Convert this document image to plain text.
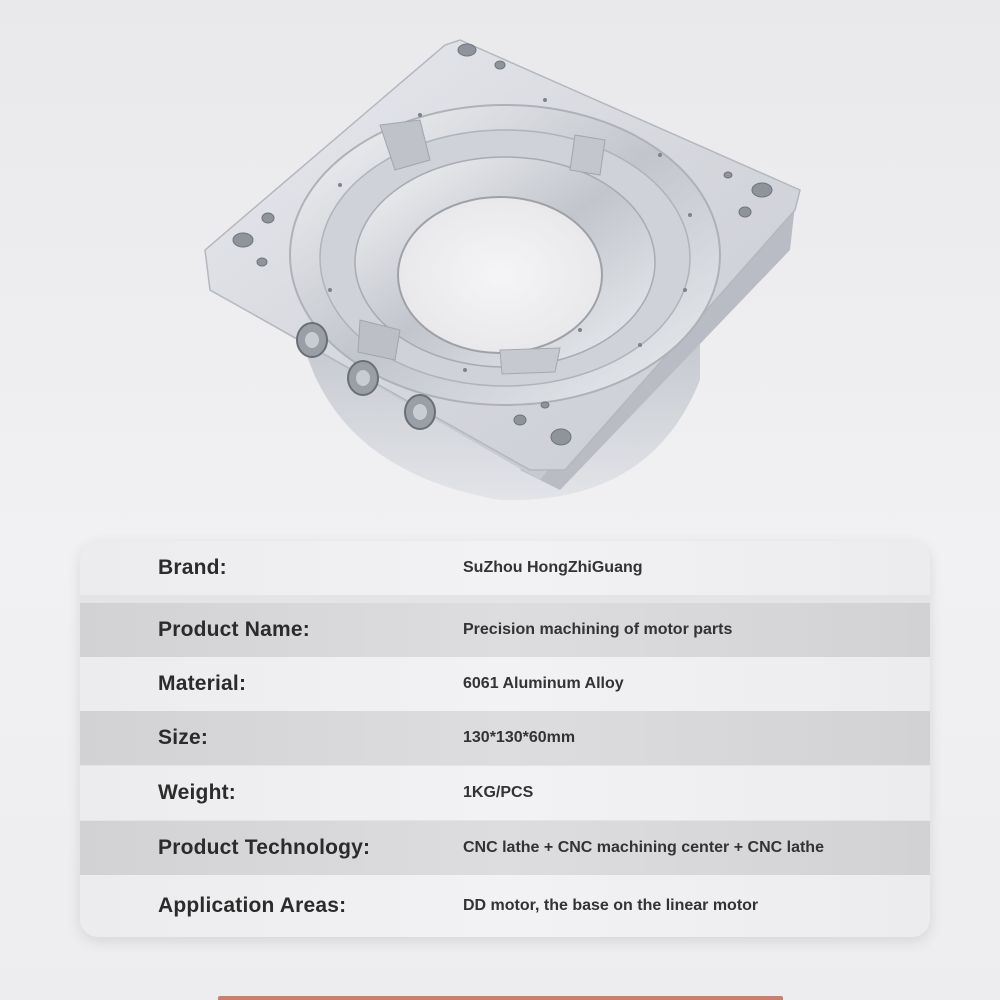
Brand:	SuZhou HongZhiGuang
Product Name:	Precision machining of motor parts
Material:	6061 Aluminum Alloy
Size:	130*130*60mm
Weight:	1KG/PCS
Product Technology:	CNC lathe + CNC machining center + CNC lathe
Application Areas:	DD motor, the base on the linear motor
